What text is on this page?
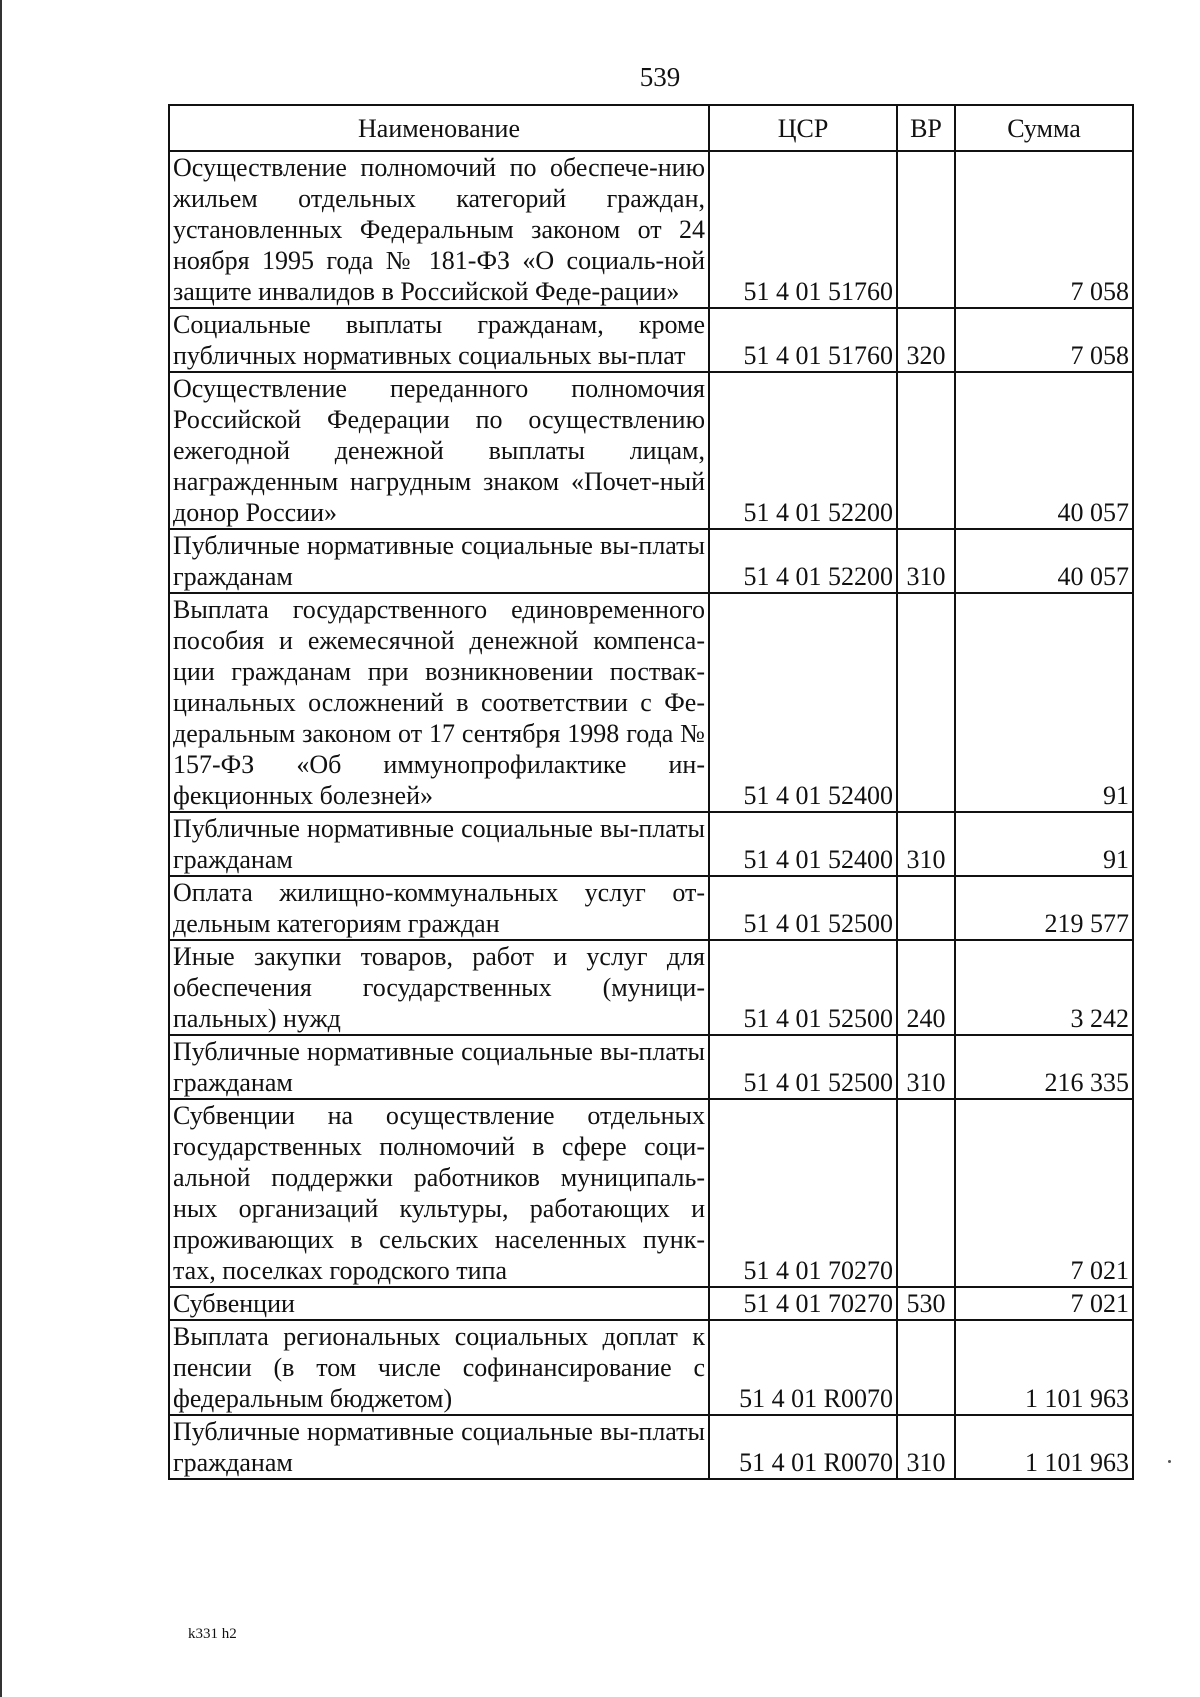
539
Наименование	ЦСР	ВР	Сумма
Осуществление полномочий по обеспече-нию жильем отдельных категорий граждан, установленных Федеральным законом от 24 ноября 1995 года № 181-ФЗ «О социаль-ной защите инвалидов в Российской Феде-рации»	51 4 01 51760		7 058
Социальные выплаты гражданам, кроме публичных нормативных социальных вы-плат	51 4 01 51760	320	7 058
Осуществление переданного полномочия Российской Федерации по осуществлению ежегодной денежной выплаты лицам, награжденным нагрудным знаком «Почет-ный донор России»	51 4 01 52200		40 057
Публичные нормативные социальные вы-платы гражданам	51 4 01 52200	310	40 057
Выплата государственного единовременного пособия и ежемесячной денежной компенса-ции гражданам при возникновении поствак-цинальных осложнений в соответствии с Фе-деральным законом от 17 сентября 1998 года № 157-ФЗ «Об иммунопрофилактике ин-фекционных болезней»	51 4 01 52400		91
Публичные нормативные социальные вы-платы гражданам	51 4 01 52400	310	91
Оплата жилищно-коммунальных услуг от-дельным категориям граждан	51 4 01 52500		219 577
Иные закупки товаров, работ и услуг для обеспечения государственных (муници-пальных) нужд	51 4 01 52500	240	3 242
Публичные нормативные социальные вы-платы гражданам	51 4 01 52500	310	216 335
Субвенции на осуществление отдельных государственных полномочий в сфере соци-альной поддержки работников муниципаль-ных организаций культуры, работающих и проживающих в сельских населенных пунк-тах, поселках городского типа	51 4 01 70270		7 021
Субвенции	51 4 01 70270	530	7 021
Выплата региональных социальных доплат к пенсии (в том числе софинансирование с федеральным бюджетом)	51 4 01 R0070		1 101 963
Публичные нормативные социальные вы-платы гражданам	51 4 01 R0070	310	1 101 963
k331 h2
